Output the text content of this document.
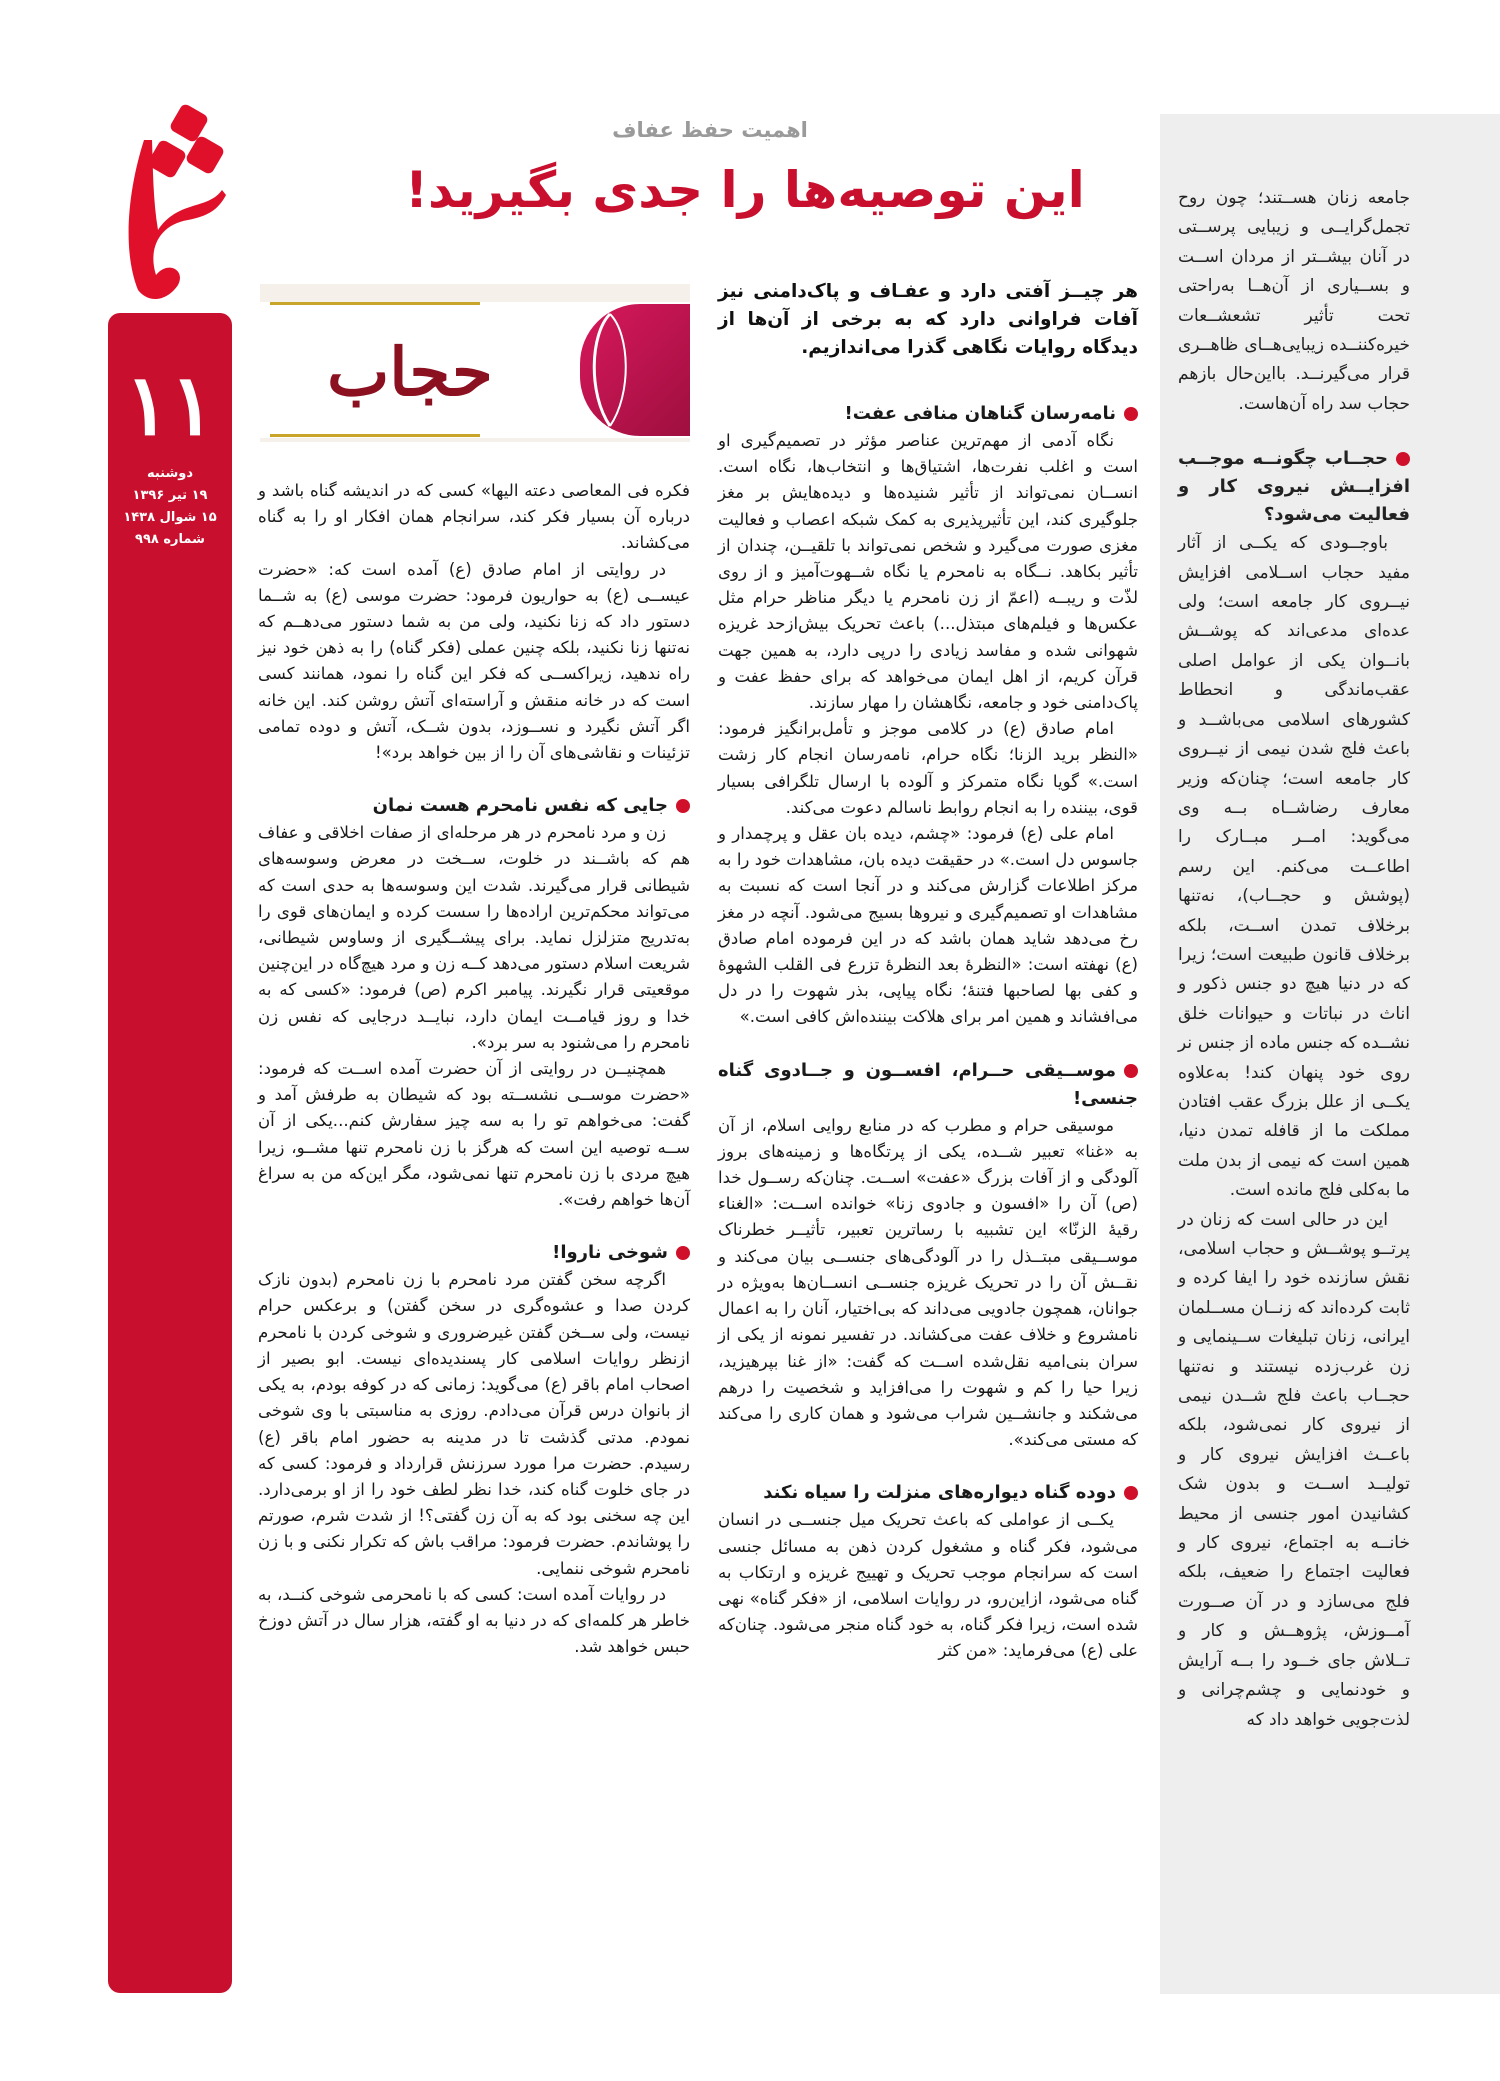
۱۱
دوشنبه
۱۹ تیر ۱۳۹۶
۱۵ شوال ۱۴۳۸
شماره ۹۹۸
اهمیت حفظ عفاف
این توصیه‌ها را جدی بگیرید!
هر چیــز آفتی دارد و عفـاف و پاک‌دامنی نیز آفات فراوانی دارد که به برخی از آن‌ها از دیدگاه روایات نگاهی گذرا می‌اندازیم.
حجاب
نامه‌رسان گناهان منافی عفت!

نگاه آدمی از مهم‌ترین عناصر مؤثر در تصمیم‌گیری او است و اغلب نفرت‌ها، اشتیاق‌ها و انتخاب‌ها، نگاه است. انســان نمی‌تواند از تأثیر شنیده‌ها و دیده‌هایش بر مغز جلوگیری کند، این تأثیرپذیری به کمک شبکه اعصاب و فعالیت مغزی صورت می‌گیرد و شخص نمی‌تواند با تلقیــن، چندان از تأثیر بکاهد. نــگاه به نامحرم یا نگاه شــهوت‌آمیز و از روی لذّت و ریبــه (اعمّ از زن نامحرم یا دیگر مناظر حرام مثل عکس‌ها و فیلم‌های مبتذل...) باعث تحریک بیش‌ازحد غریزه شهوانی شده و مفاسد زیادی را درپی دارد، به همین جهت قرآن کریم، از اهل ایمان می‌خواهد که برای حفظ عفت و پاک‌دامنی خود و جامعه، نگاهشان را مهار سازند.

امام صادق (ع) در کلامی موجز و تأمل‌برانگیز فرمود: «النظر برید الزنا؛ نگاه حرام، نامه‌رسان انجام کار زشت است.» گویا نگاه متمرکز و آلوده با ارسال تلگرافی بسیار قوی، بیننده را به انجام روابط ناسالم دعوت می‌کند.

امام علی (ع) فرمود: «چشم، دیده بان عقل و پرچمدار و جاسوس دل است.» در حقیقت دیده بان، مشاهدات خود را به مرکز اطلاعات گزارش می‌کند و در آنجا است که نسبت به مشاهدات او تصمیم‌گیری و نیروها بسیج می‌شود. آنچه در مغز رخ می‌دهد شاید همان باشد که در این فرموده امام صادق (ع) نهفته است: «النظرهٔ بعد النظرهٔ تزرع فی القلب الشهوهٔ و کفی بها لصاحبها فتنهٔ؛ نگاه پیاپی، بذر شهوت را در دل می‌افشاند و همین امر برای هلاکت بیننده‌اش کافی است.»

موســیقی حــرام، افســون و جــادوی گناه جنسی!

موسیقی حرام و مطرب که در منابع روایی اسلام، از آن به «غنا» تعبیر شــده، یکی از پرتگاه‌ها و زمینه‌های بروز آلودگی و از آفات بزرگ «عفت» اســت. چنان‌که رســول خدا (ص) آن را «افسون و جادوی زنا» خوانده اســت: «الغناء رقیهٔ الزنّا» این تشبیه با رساترین تعبیر، تأثیــر خطرناک موســیقی مبتــذل را در آلودگی‌های جنســی بیان می‌کند و نقــش آن را در تحریک غریزه جنســی انســان‌ها به‌ویژه در جوانان، همچون جادویی می‌داند که بی‌اختیار، آنان را به اعمال نامشروع و خلاف عفت می‌کشاند. در تفسیر نمونه از یکی از سران بنی‌امیه نقل‌شده اســت که گفت: «از غنا بپرهیزید، زیرا حیا را کم و شهوت را می‌افزاید و شخصیت را درهم می‌شکند و جانشــین شراب می‌شود و همان کاری را می‌کند که مستی می‌کند».

دوده گناه دیواره‌های منزلت را سیاه نکند

یکــی از عواملی که باعث تحریک میل جنســی در انسان می‌شود، فکر گناه و مشغول کردن ذهن به مسائل جنسی است که سرانجام موجب تحریک و تهییج غریزه و ارتکاب به گناه می‌شود، ازاین‌رو، در روایات اسلامی، از «فکر گناه» نهی شده است، زیرا فکر گناه، به خود گناه منجر می‌شود. چنان‌که علی (ع) می‌فرماید: «من کثر

فکره فی المعاصی دعته الیها» کسی که در اندیشه گناه باشد و درباره آن بسیار فکر کند، سرانجام همان افکار او را به گناه می‌کشاند.

در روایتی از امام صادق (ع) آمده است که: «حضرت عیســی (ع) به حواریون فرمود: حضرت موسی (ع) به شــما دستور داد که زنا نکنید، ولی من به شما دستور می‌دهــم که نه‌تنها زنا نکنید، بلکه چنین عملی (فکر گناه) را به ذهن خود نیز راه ندهید، زیراکســی که فکر این گناه را نمود، همانند کسی است که در خانه منقش و آراسته‌ای آتش روشن کند. این خانه اگر آتش نگیرد و نســوزد، بدون شــک، آتش و دوده تمامی تزئینات و نقاشی‌های آن را از بین خواهد برد»!

جایی که نفس نامحرم هست نمان

زن و مرد نامحرم در هر مرحله‌ای از صفات اخلاقی و عفاف هم که باشــند در خلوت، ســخت در معرض وسوسه‌های شیطانی قرار می‌گیرند. شدت این وسوسه‌ها به حدی است که می‌تواند محکم‌ترین اراده‌ها را سست کرده و ایمان‌های قوی را به‌تدریج متزلزل نماید. برای پیشــگیری از وساوس شیطانی، شریعت اسلام دستور می‌دهد کــه زن و مرد هیچ‌گاه در این‌چنین موقعیتی قرار نگیرند. پیامبر اکرم (ص) فرمود: «کسی که به خدا و روز قیامــت ایمان دارد، نبایــد درجایی که نفس زن نامحرم را می‌شنود به سر برد».

همچنیــن در روایتی از آن حضرت آمده اســت که فرمود: «حضرت موســی نشســته بود که شیطان به طرفش آمد و گفت: می‌خواهم تو را به سه چیز سفارش کنم...یکی از آن ســه توصیه این است که هرگز با زن نامحرم تنها مشــو، زیرا هیچ مردی با زن نامحرم تنها نمی‌شود، مگر این‌که من به سراغ آن‌ها خواهم رفت».

شوخی ناروا!

اگرچه سخن گفتن مرد نامحرم با زن نامحرم (بدون نازک کردن صدا و عشوه‌گری در سخن گفتن) و برعکس حرام نیست، ولی ســخن گفتن غیرضروری و شوخی کردن با نامحرم ازنظر روایات اسلامی کار پسندیده‌ای نیست. ابو بصیر از اصحاب امام باقر (ع) می‌گوید: زمانی که در کوفه بودم، به یکی از بانوان درس قرآن می‌دادم. روزی به مناسبتی با وی شوخی نمودم. مدتی گذشت تا در مدینه به حضور امام باقر (ع) رسیدم. حضرت مرا مورد سرزنش قرارداد و فرمود: کسی که در جای خلوت گناه کند، خدا نظر لطف خود را از او برمی‌دارد. این چه سخنی بود که به آن زن گفتی؟! از شدت شرم، صورتم را پوشاندم. حضرت فرمود: مراقب باش که تکرار نکنی و با زن نامحرم شوخی ننمایی.

در روایات آمده است: کسی که با نامحرمی شوخی کنــد، به خاطر هر کلمه‌ای که در دنیا به او گفته، هزار سال در آتش دوزخ حبس خواهد شد.

جامعه زنان هســتند؛ چون روح تجمل‌گرایــی و زیبایی پرســتی در آنان بیشــتر از مردان اســت و بســیاری از آن‌هــا به‌راحتی تحت تأثیر تشعشــعات خیره‌کننــده زیبایی‌هــای ظاهــری قرار می‌گیرنــد. بااین‌حال بازهم حجاب سد راه آن‌هاست.
حجــاب چگونــه موجــب افزایــش نیروی کار و فعالیت می‌شود؟
باوجــودی که یکــی از آثار مفید حجاب اســلامی افزایش نیــروی کار جامعه است؛ ولی عده‌ای مدعی‌اند که پوشــش بانــوان یکی از عوامل اصلی عقب‌ماندگی و انحطاط کشورهای اسلامی می‌باشــد و باعث فلج شدن نیمی از نیــروی کار جامعه است؛ چنان‌که وزیر معارف رضاشــاه بــه وی می‌گوید: امــر مبــارک را اطاعــت می‌کنم. این رسم (پوشش و حجــاب)، نه‌تنها برخلاف تمدن اســت، بلکه برخلاف قانون طبیعت است؛ زیرا که در دنیا هیچ دو جنس ذکور و اناث در نباتات و حیوانات خلق نشــده که جنس ماده از جنس نر روی خود پنهان کند! به‌علاوه یکــی از علل بزرگ عقب افتادن مملکت ما از قافله تمدن دنیا، همین است که نیمی از بدن ملت ما به‌کلی فلج مانده است.
این در حالی است که زنان در پرتــو پوشــش و حجاب اسلامی، نقش سازنده خود را ایفا کرده و ثابت کرده‌اند که زنــان مســلمان ایرانی، زنان تبلیغات ســینمایی و زن غرب‌زده نیستند و نه‌تنها حجــاب باعث فلج شــدن نیمی از نیروی کار نمی‌شود، بلکه باعــث افزایش نیروی کار و تولیــد اســت و بدون شک کشانیدن امور جنسی از محیط خانــه به اجتماع، نیروی کار و فعالیت اجتماع را ضعیف، بلکه فلج می‌سازد و در آن صــورت آمــوزش، پژوهــش و کار و تــلاش جای خــود را بــه آرایش و خودنمایی و چشم‌چرانی و لذت‌جویی خواهد داد که
